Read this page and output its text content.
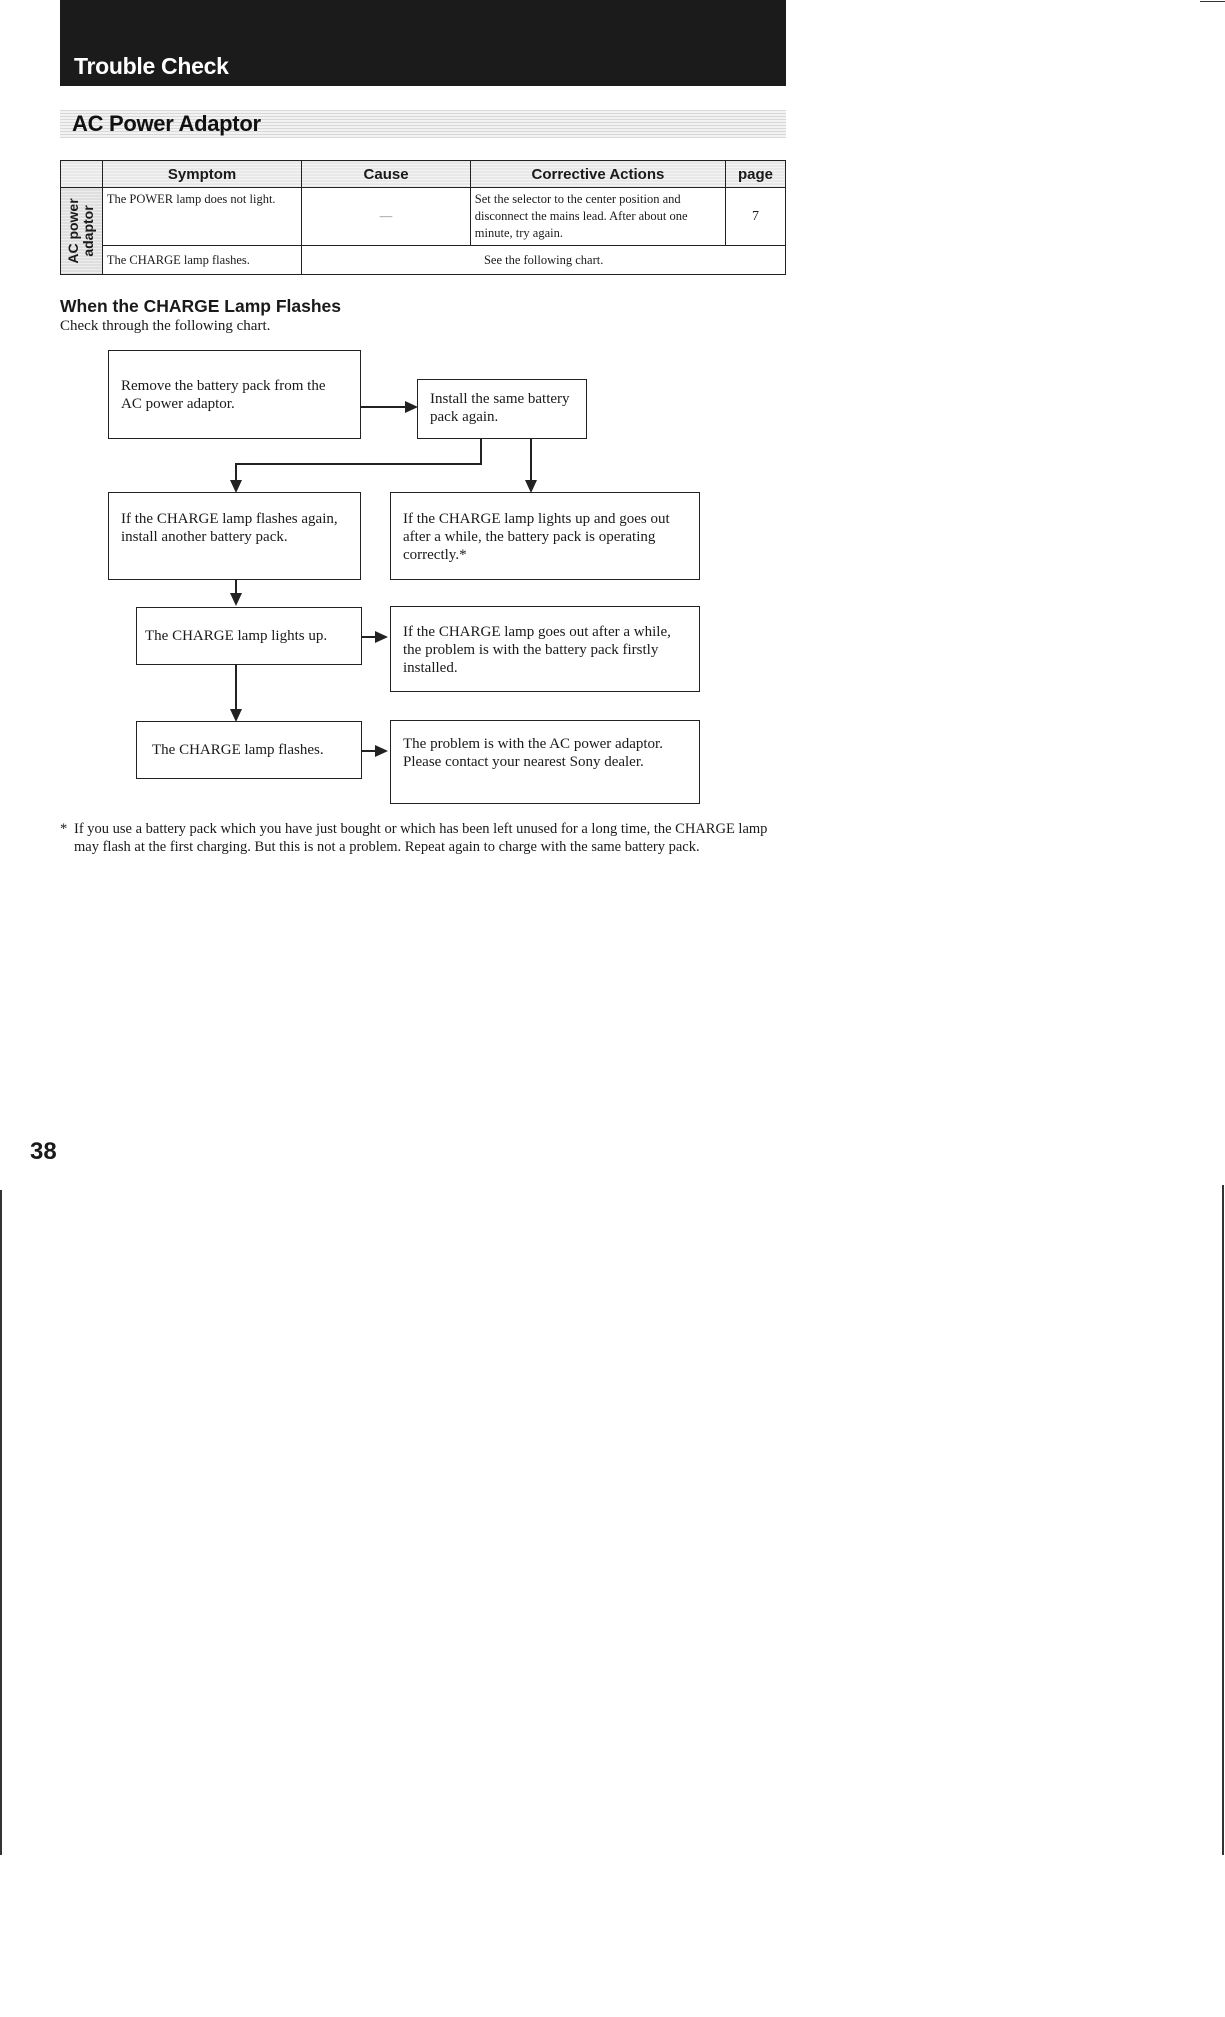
Trouble Check
AC Power Adaptor
	Symptom	Cause	Corrective Actions	page

AC power adaptor	The POWER lamp does not light.	—	Set the selector to the center position and disconnect the mains lead. After about one minute, try again.	7
	The CHARGE lamp flashes.	See the following chart.		
When the CHARGE Lamp Flashes
Check through the following chart.
Remove the battery pack from the AC power adaptor.	Install the same battery pack again.
If the CHARGE lamp flashes again, install another battery pack.
If the CHARGE lamp lights up and goes out after a while, the battery pack is operating correctly.*
The CHARGE lamp lights up.	If the CHARGE lamp goes out after a while, the problem is with the battery pack firstly installed.
The CHARGE lamp flashes.	The problem is with the AC power adaptor.
Please contact your nearest Sony dealer.
* If you use a battery pack which you have just bought or which has been left unused for a long time, the CHARGE lamp may flash at the first charging. But this is not a problem. Repeat again to charge with the same battery pack.
38
